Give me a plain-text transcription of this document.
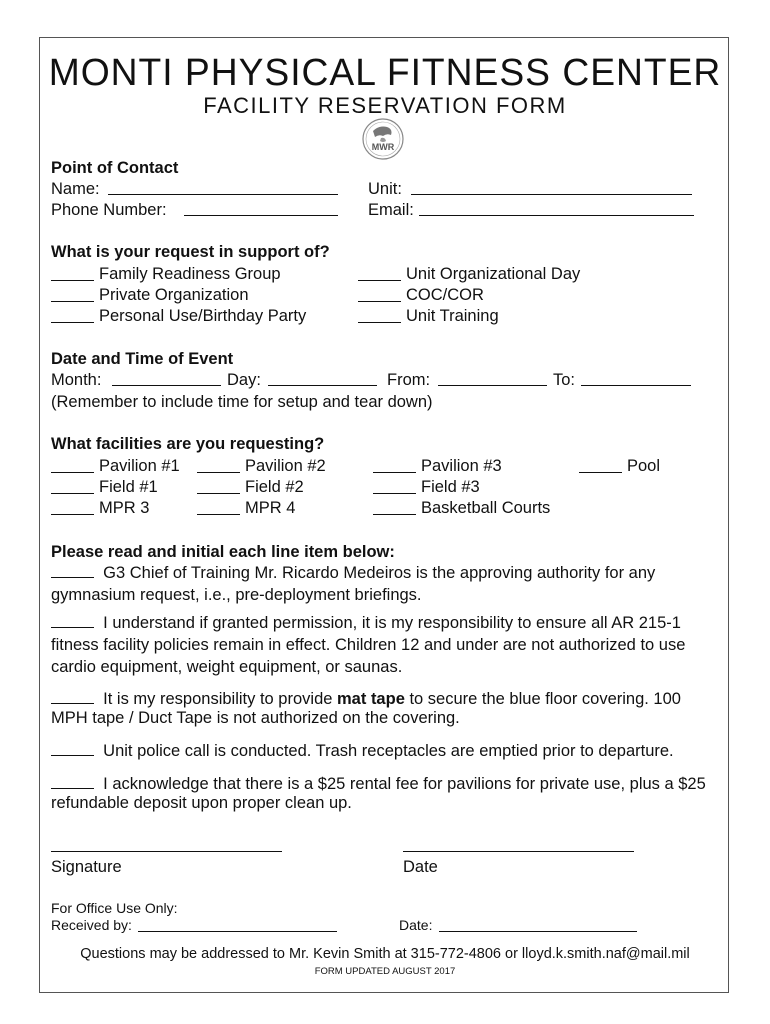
MONTI PHYSICAL FITNESS CENTER
FACILITY RESERVATION FORM
MWR
Point of Contact
Name:	Unit:
Phone Number:	Email:
What is your request in support of?
Family Readiness Group	Unit Organizational Day
Private Organization	COC/COR
Personal Use/Birthday Party	Unit Training
Date and Time of Event
Month:	Day:	From:	To:
(Remember to include time for setup and tear down)
What facilities are you requesting?
Pavilion #1	Pavilion #2	Pavilion #3	Pool
Field #1	Field #2	Field #3
MPR 3	MPR 4	Basketball Courts
Please read and initial each line item below:
G3 Chief of Training Mr. Ricardo Medeiros is the approving authority for any gymnasium request, i.e., pre-deployment briefings.
I understand if granted permission, it is my responsibility to ensure all AR 215-1 fitness facility policies remain in effect. Children 12 and under are not authorized to use cardio equipment, weight equipment, or saunas.
It is my responsibility to provide mat tape to secure the blue floor covering. 100 MPH tape / Duct Tape is not authorized on the covering.
Unit police call is conducted. Trash receptacles are emptied prior to departure.
I acknowledge that there is a $25 rental fee for pavilions for private use, plus a $25 refundable deposit upon proper clean up.
Signature	Date
For Office Use Only:
Received by:	Date:
Questions may be addressed to Mr. Kevin Smith at 315-772-4806 or lloyd.k.smith.naf@mail.mil
FORM UPDATED AUGUST 2017
